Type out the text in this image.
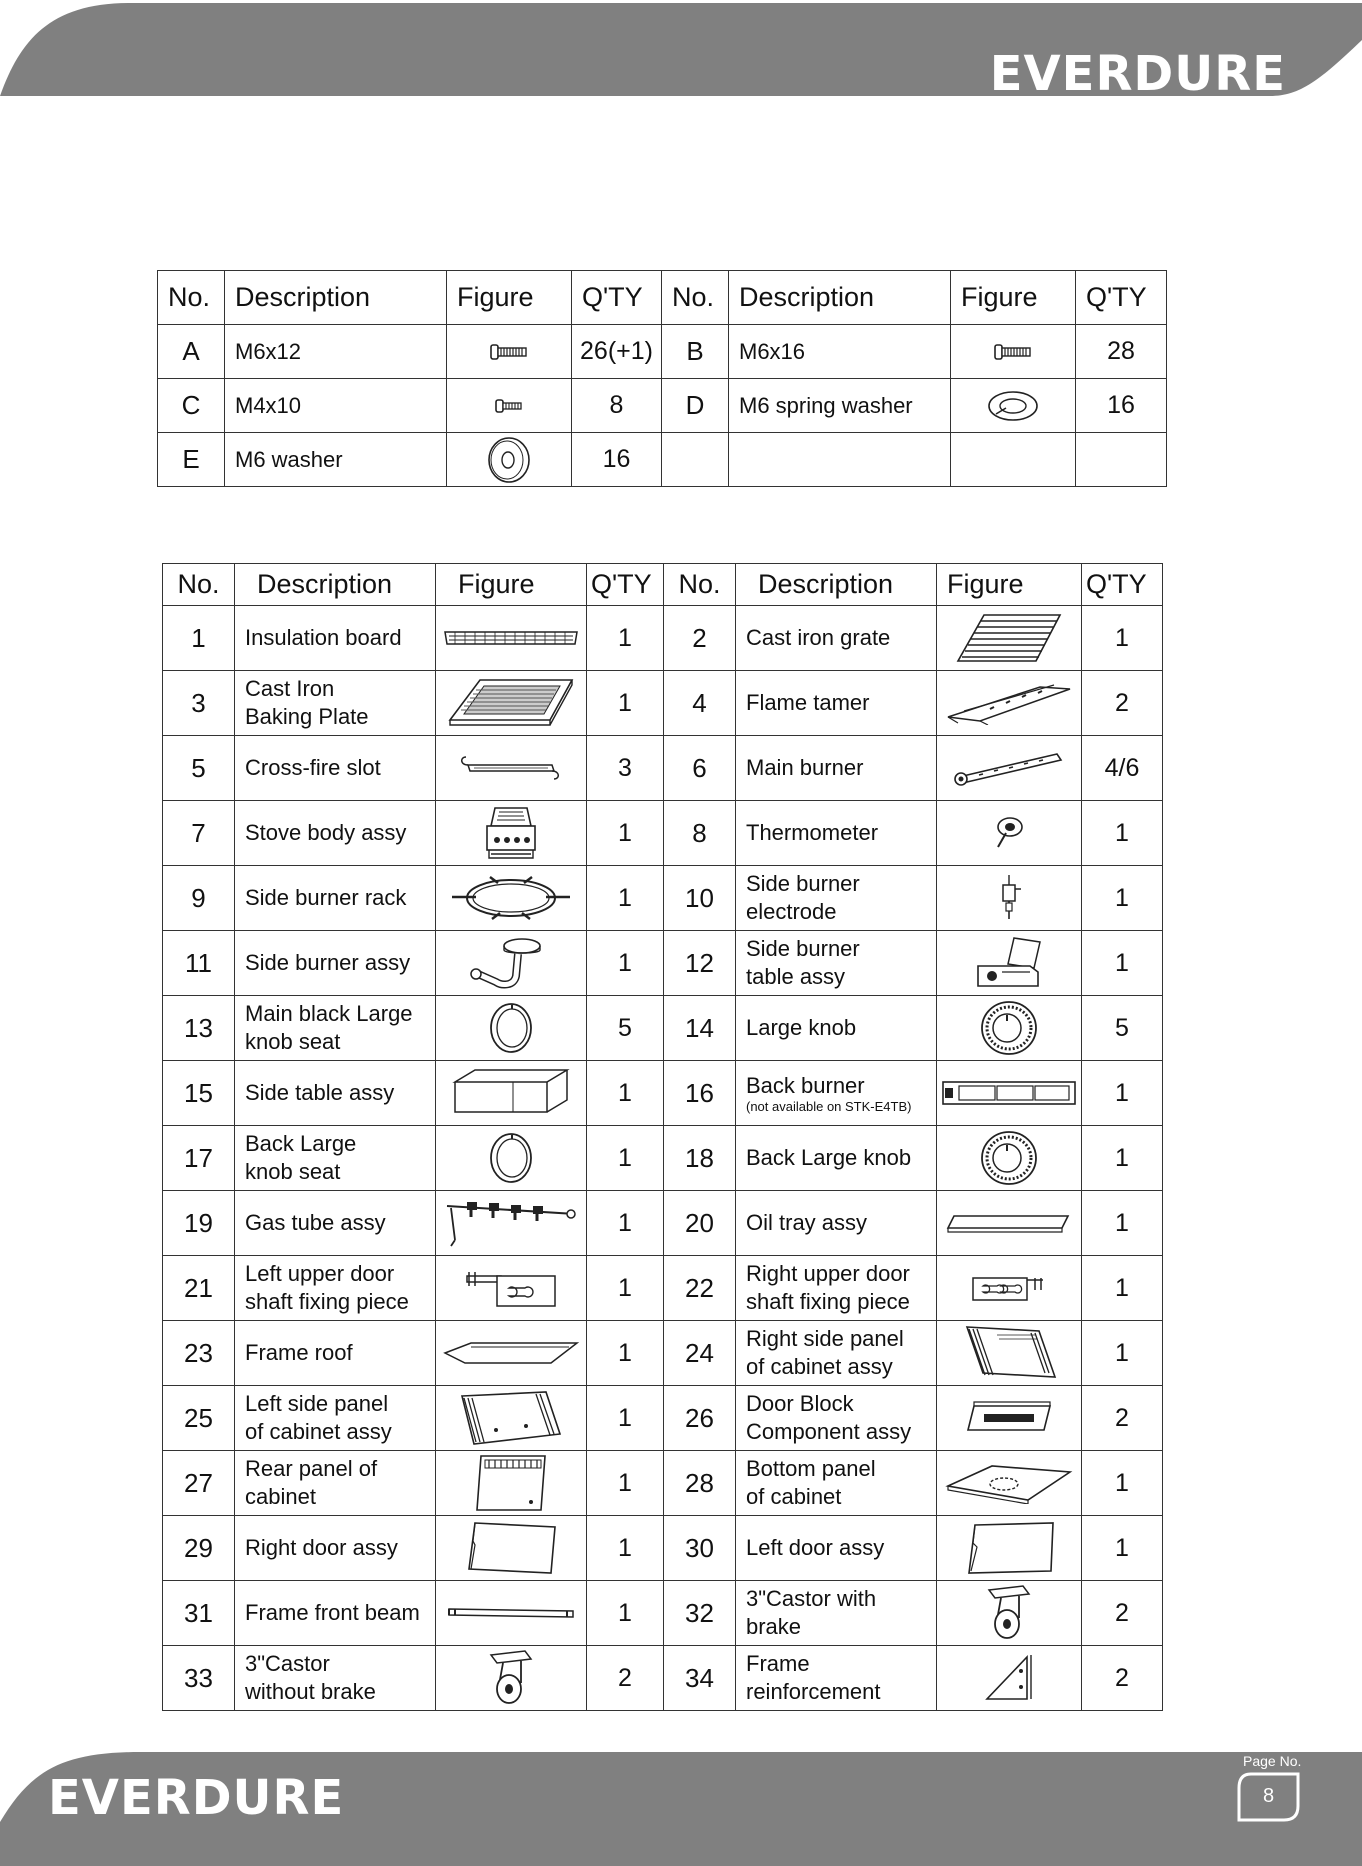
EVERDURE
No.	Description	Figure	Q'TY	No.	Description	Figure	Q'TY
A	M6x12		26(+1)	B	M6x16		28
C	M4x10		8	D	M6 spring washer		16
E	M6 washer		16				
No.	Description	Figure	Q'TY	No.	Description	Figure	Q'TY
1	Insulation board		1	2	Cast iron grate		1
3	Cast Iron
Baking Plate		1	4	Flame tamer		2
5	Cross-fire slot		3	6	Main burner		4/6
7	Stove body assy		1	8	Thermometer		1
9	Side burner rack		1	10	Side burner
electrode		1
11	Side burner assy		1	12	Side burner
table assy		1
13	Main black Large
knob seat		5	14	Large knob		5
15	Side table assy		1	16	Back burner
(not available on STK-E4TB)		1
17	Back Large
knob seat		1	18	Back Large knob		1
19	Gas tube assy		1	20	Oil tray assy		1
21	Left upper door
shaft fixing piece		1	22	Right upper door
shaft fixing piece		1
23	Frame roof		1	24	Right side panel
of cabinet assy		1
25	Left side panel
of cabinet assy		1	26	Door Block
Component assy		2
27	Rear panel of
cabinet		1	28	Bottom panel
of cabinet		1
29	Right door assy		1	30	Left door assy		1
31	Frame front beam		1	32	3"Castor with
brake		2
33	3"Castor
without brake		2	34	Frame
reinforcement		2
EVERDURE
Page No.
8
